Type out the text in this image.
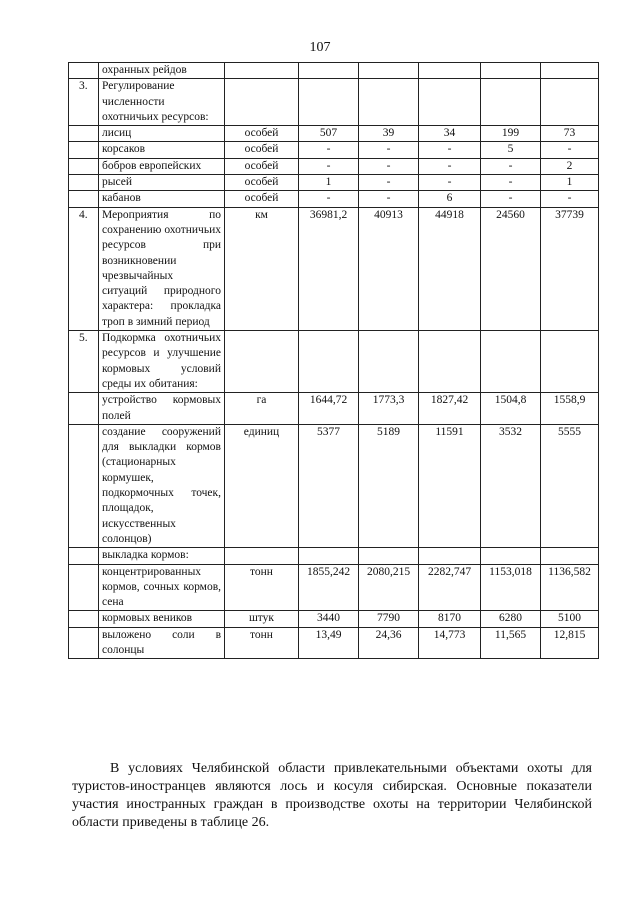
107
	охранных рейдов						
3.	Регулирование численности охотничьих ресурсов:						
	лисиц	особей	507	39	34	199	73
	корсаков	особей	-	-	-	5	-
	бобров европейских	особей	-	-	-	-	2
	рысей	особей	1	-	-	-	1
	кабанов	особей	-	-	6	-	-
4.	Мероприятия по сохранению охотничьих ресурсов при возникновении чрезвычайных ситуаций природного характера: прокладка троп в зимний период	км	36981,2	40913	44918	24560	37739
5.	Подкормка охотничьих ресурсов и улучшение кормовых условий среды их обитания:						
	устройство кормовых полей	га	1644,72	1773,3	1827,42	1504,8	1558,9
	создание сооружений для выкладки кормов (стационарных кормушек, подкормочных точек, площадок, искусственных солонцов)	единиц	5377	5189	11591	3532	5555
	выкладка кормов:						
	концентрированных кормов, сочных кормов, сена	тонн	1855,242	2080,215	2282,747	1153,018	1136,582
	кормовых веников	штук	3440	7790	8170	6280	5100
	выложено соли в солонцы	тонн	13,49	24,36	14,773	11,565	12,815
В условиях Челябинской области привлекательными объектами охоты для туристов-иностранцев являются лось и косуля сибирская. Основные показатели участия иностранных граждан в производстве охоты на территории Челябинской области приведены в таблице 26.
